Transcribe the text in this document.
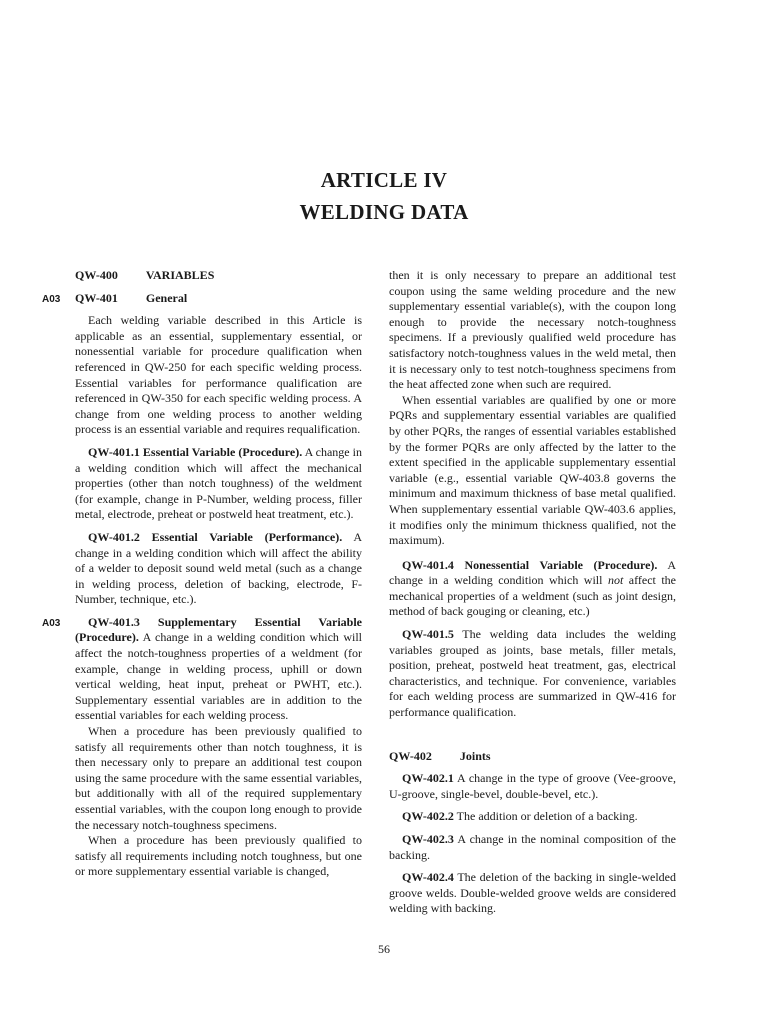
ARTICLE IV
WELDING DATA

QW-400 VARIABLES

A03 QW-401 General

Each welding variable described in this Article is applicable as an essential, supplementary essential, or nonessential variable for procedure qualification when referenced in QW-250 for each specific welding process. Essential variables for performance qualification are referenced in QW-350 for each specific welding process. A change from one welding process to another welding process is an essential variable and requires requalification.

QW-401.1 Essential Variable (Procedure). A change in a welding condition which will affect the mechanical properties (other than notch toughness) of the weldment (for example, change in P-Number, welding process, filler metal, electrode, preheat or postweld heat treatment, etc.).

QW-401.2 Essential Variable (Performance). A change in a welding condition which will affect the ability of a welder to deposit sound weld metal (such as a change in welding process, deletion of backing, electrode, F-Number, technique, etc.).

A03 QW-401.3 Supplementary Essential Variable (Procedure). A change in a welding condition which will affect the notch-toughness properties of a weldment (for example, change in welding process, uphill or down vertical welding, heat input, preheat or PWHT, etc.). Supplementary essential variables are in addition to the essential variables for each welding process.

When a procedure has been previously qualified to satisfy all requirements other than notch toughness, it is then necessary only to prepare an additional test coupon using the same procedure with the same essential variables, but additionally with all of the required supplementary essential variables, with the coupon long enough to provide the necessary notch-toughness specimens.

When a procedure has been previously qualified to satisfy all requirements including notch toughness, but one or more supplementary essential variable is changed,

then it is only necessary to prepare an additional test coupon using the same welding procedure and the new supplementary essential variable(s), with the coupon long enough to provide the necessary notch-toughness specimens. If a previously qualified weld procedure has satisfactory notch-toughness values in the weld metal, then it is necessary only to test notch-toughness specimens from the heat affected zone when such are required.

When essential variables are qualified by one or more PQRs and supplementary essential variables are qualified by other PQRs, the ranges of essential variables established by the former PQRs are only affected by the latter to the extent specified in the applicable supplementary essential variable (e.g., essential variable QW-403.8 governs the minimum and maximum thickness of base metal qualified. When supplementary essential variable QW-403.6 applies, it modifies only the minimum thickness qualified, not the maximum).

QW-401.4 Nonessential Variable (Procedure). A change in a welding condition which will not affect the mechanical properties of a weldment (such as joint design, method of back gouging or cleaning, etc.)

QW-401.5 The welding data includes the welding variables grouped as joints, base metals, filler metals, position, preheat, postweld heat treatment, gas, electrical characteristics, and technique. For convenience, variables for each welding process are summarized in QW-416 for performance qualification.

QW-402 Joints

QW-402.1 A change in the type of groove (Vee-groove, U-groove, single-bevel, double-bevel, etc.).

QW-402.2 The addition or deletion of a backing.

QW-402.3 A change in the nominal composition of the backing.

QW-402.4 The deletion of the backing in single-welded groove welds. Double-welded groove welds are considered welding with backing.

56
